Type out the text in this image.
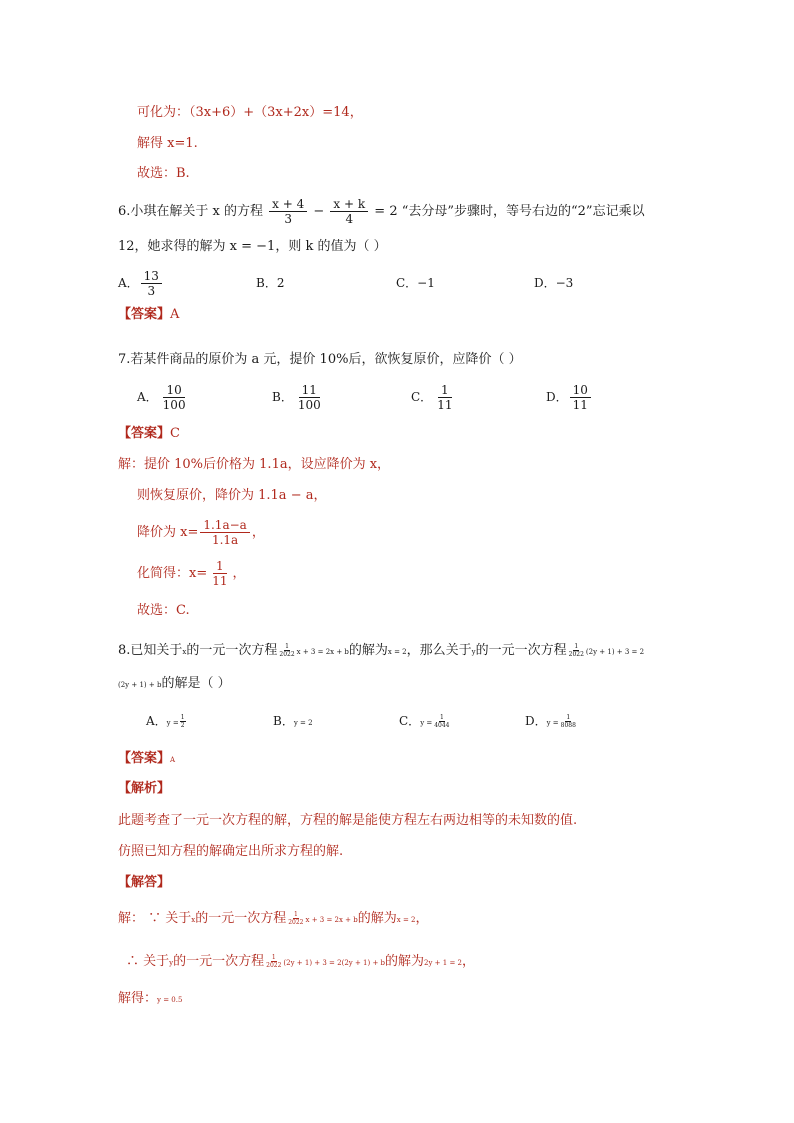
可化为：（3x+6）+（3x+2x）=14，
解得 x=1.
故选：B.
6.小琪在解关于 x 的方程 $\frac{x + 4}{3} - \frac{x + k}{4} = 2$ “去分母”步骤时，等号右边的“2”忘记乘以
12，她求得的解为 x = −1，则 k 的值为（ ）
A． $\frac{13}{3}$	B．2	C．−1	D．−3
【答案】A
7.若某件商品的原价为 a 元，提价 10%后，欲恢复原价，应降价（ ）
A． $\frac{10}{100}$	B． $\frac{11}{100}$	C． $\frac{1}{11}$	D． $\frac{10}{11}$
【答案】C
解：提价 10%后价格为 1.1a，设应降价为 x，
则恢复原价，降价为 1.1a − a，
降价为 $x= \frac{1.1a-a}{1.1a}$ ，
化简得：$x= \frac{1}{11}$ ，
故选：C.
8.已知关于x的一元一次方程 $\frac{1}{2022}$ x + 3 = 2x + b的解为x = 2，那么关于y的一元一次方程 $\frac{1}{2022} (2y + 1) + 3 = 2$
(2y + 1) + b的解是（ ）
A．$y = \frac{1}{2}$	B．y = 2	C．$y = \frac{1}{4044}$	D．$y = \frac{1}{8088}$
【答案】A
【解析】
此题考查了一元一次方程的解，方程的解是能使方程左右两边相等的未知数的值.
仿照已知方程的解确定出所求方程的解.
【解答】
解： ∵ 关于x的一元一次方程 $\frac{1}{2022}$ x + 3 = 2x + b的解为x = 2，
∴ 关于y的一元一次方程 $\frac{1}{2022} (2y + 1) + 3 = 2(2y + 1) + b$的解为2y + 1 = 2，
解得：y = 0.5
